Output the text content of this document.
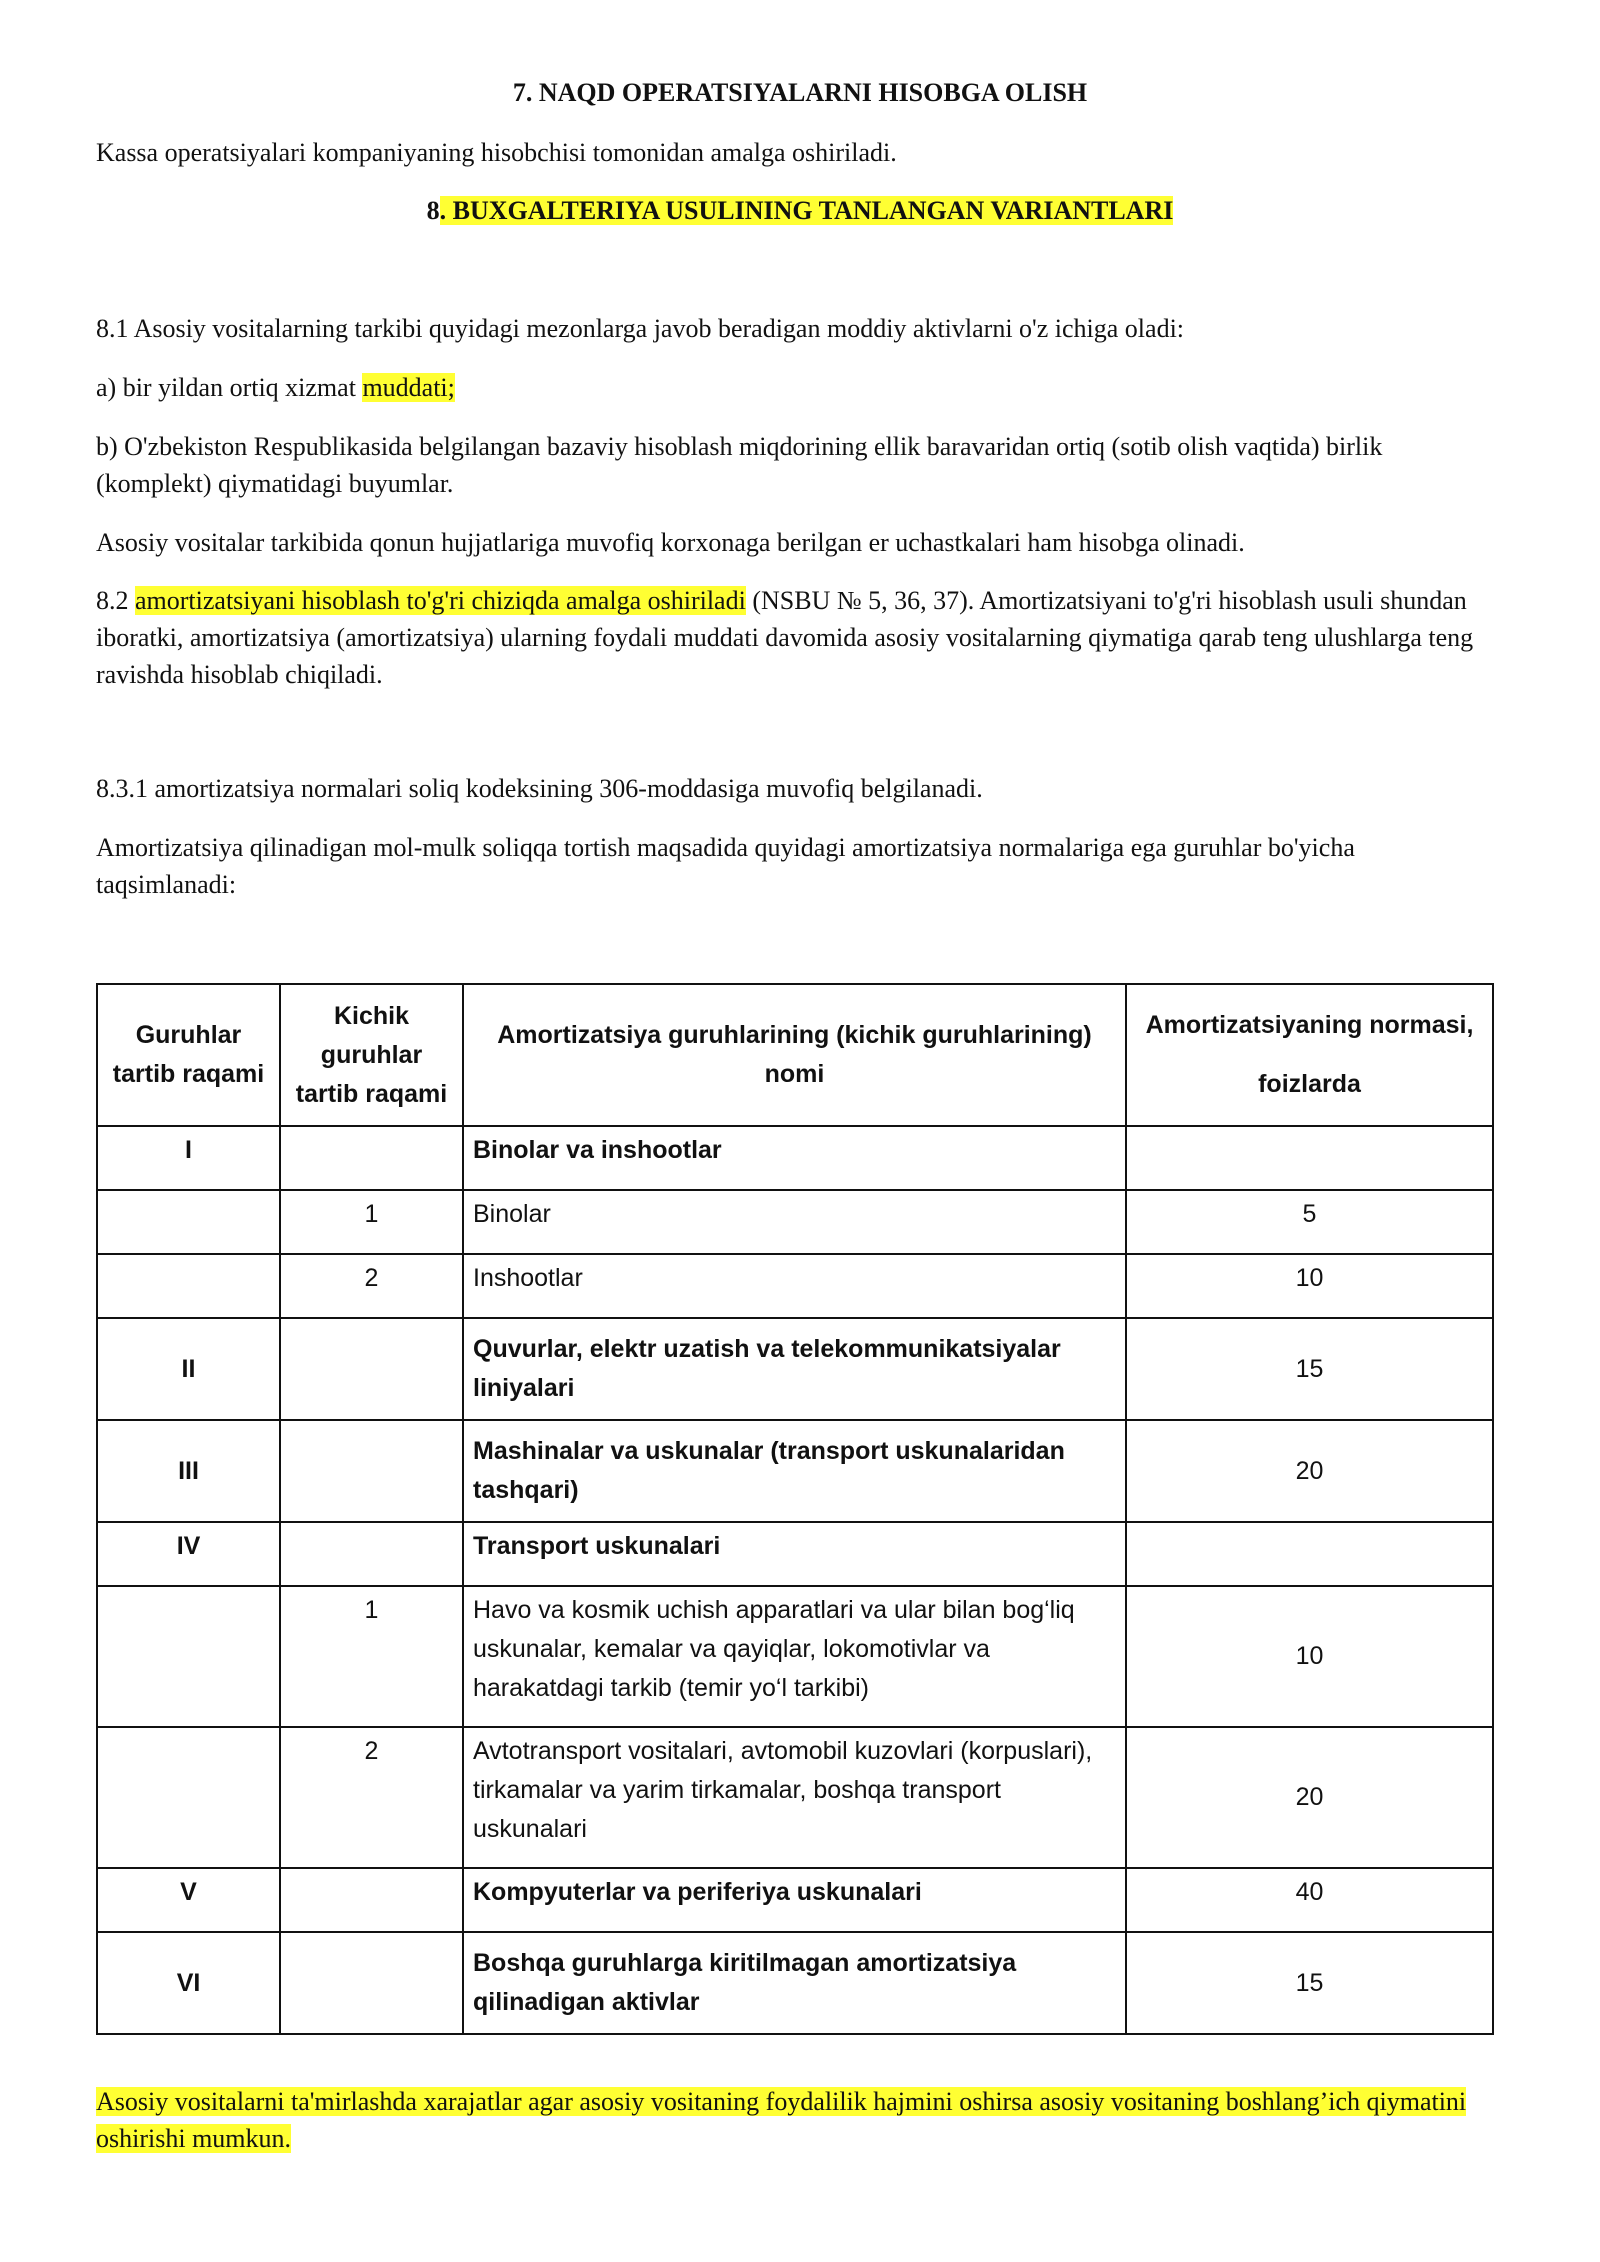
7. NAQD OPERATSIYALARNI HISOBGA OLISH

Kassa operatsiyalari kompaniyaning hisobchisi tomonidan amalga oshiriladi.

8. BUXGALTERIYA USULINING TANLANGAN VARIANTLARI

8.1 Asosiy vositalarning tarkibi quyidagi mezonlarga javob beradigan moddiy aktivlarni o'z ichiga oladi:

a) bir yildan ortiq xizmat muddati;

b) O'zbekiston Respublikasida belgilangan bazaviy hisoblash miqdorining ellik baravaridan ortiq (sotib olish vaqtida) birlik (komplekt) qiymatidagi buyumlar.

Asosiy vositalar tarkibida qonun hujjatlariga muvofiq korxonaga berilgan er uchastkalari ham hisobga olinadi.

8.2 amortizatsiyani hisoblash to'g'ri chiziqda amalga oshiriladi (NSBU № 5, 36, 37). Amortizatsiyani to'g'ri hisoblash usuli shundan iboratki, amortizatsiya (amortizatsiya) ularning foydali muddati davomida asosiy vositalarning qiymatiga qarab teng ulushlarga teng ravishda hisoblab chiqiladi.

8.3.1 amortizatsiya normalari soliq kodeksining 306-moddasiga muvofiq belgilanadi.

Amortizatsiya qilinadigan mol-mulk soliqqa tortish maqsadida quyidagi amortizatsiya normalariga ega guruhlar bo'yicha taqsimlanadi:

Guruhlar tartib raqami	Kichik guruhlar tartib raqami	Amortizatsiya guruhlarining (kichik guruhlarining) nomi	Amortizatsiyaning normasi,
foizlarda

I		Binolar va inshootlar	
	1	Binolar	5
	2	Inshootlar	10
II		Quvurlar, elektr uzatish va telekommunikatsiyalar liniyalari	15
III		Mashinalar va uskunalar (transport uskunalaridan tashqari)	20
IV		Transport uskunalari	
	1	Havo va kosmik uchish apparatlari va ular bilan bog‘liq uskunalar, kemalar va qayiqlar, lokomotivlar va harakatdagi tarkib (temir yo‘l tarkibi)	10
	2	Avtotransport vositalari, avtomobil kuzovlari (korpuslari), tirkamalar va yarim tirkamalar, boshqa transport uskunalari	20
V		Kompyuterlar va periferiya uskunalari	40
VI		Boshqa guruhlarga kiritilmagan amortizatsiya qilinadigan aktivlar	15

Asosiy vositalarni ta'mirlashda xarajatlar agar asosiy vositaning foydalilik hajmini oshirsa asosiy vositaning boshlang’ich qiymatini oshirishi mumkun.
